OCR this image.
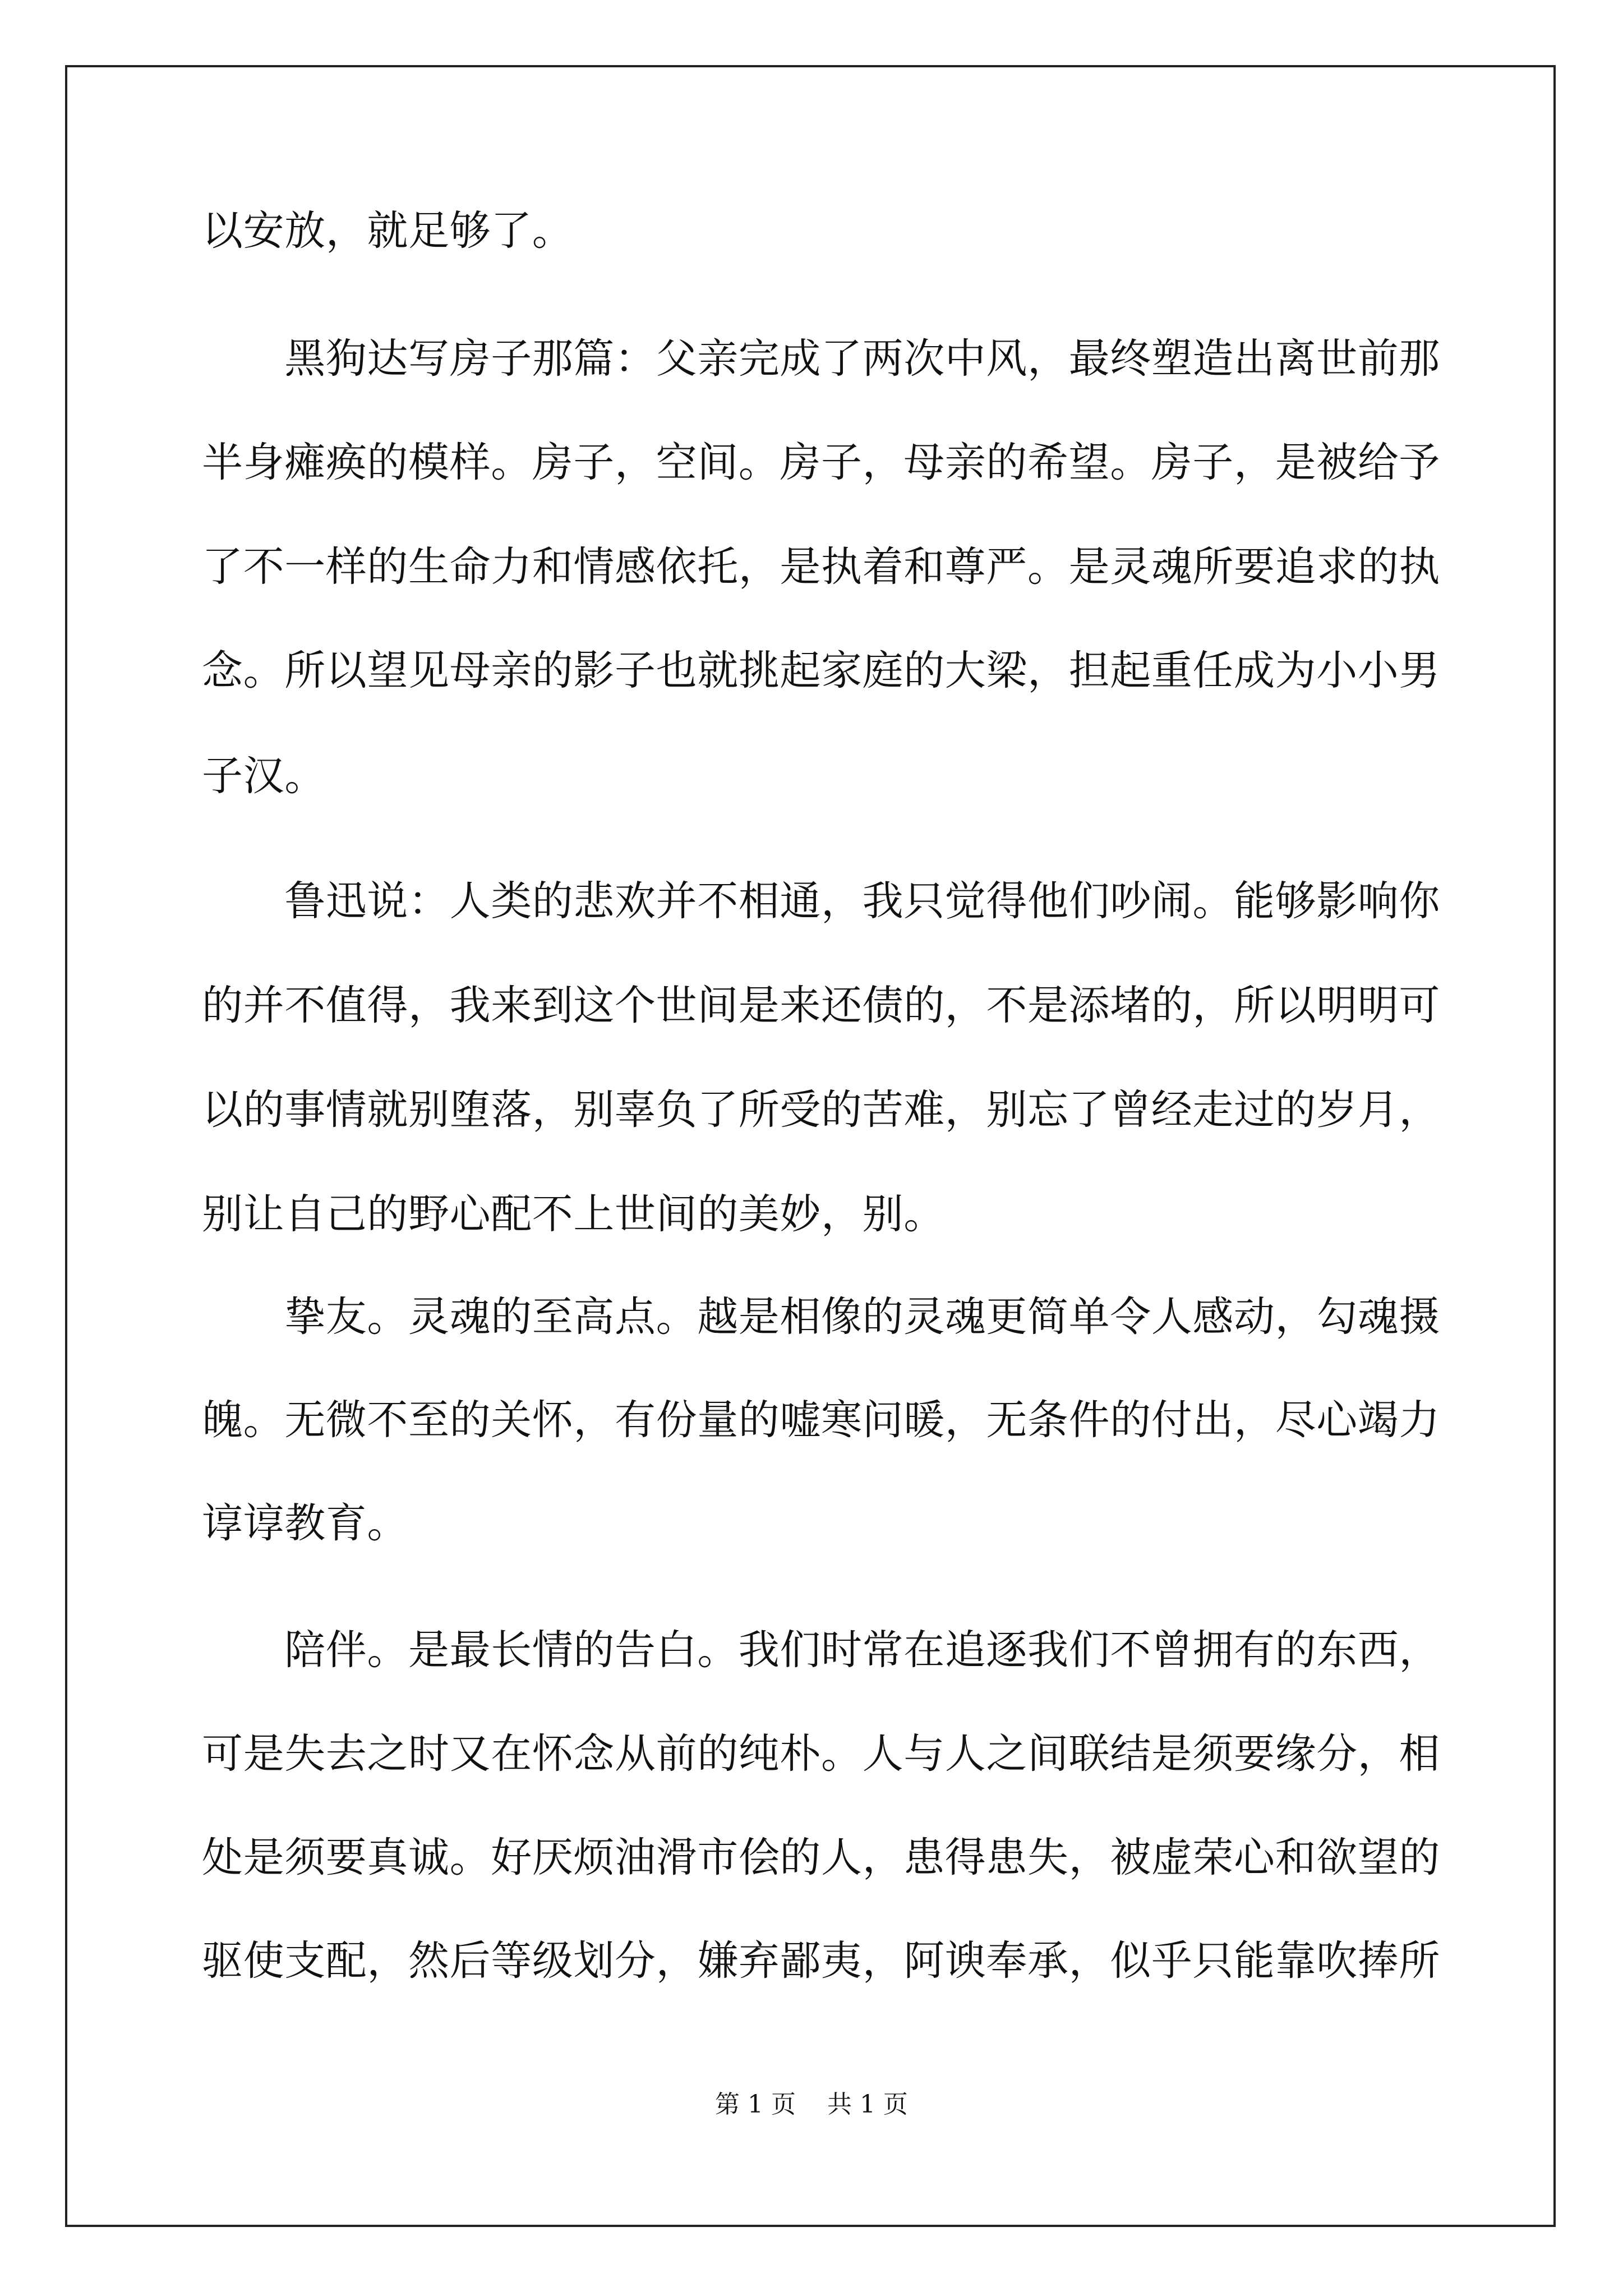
以安放，就足够了。
　　黑狗达写房子那篇：父亲完成了两次中风，最终塑造出离世前那
半身瘫痪的模样。房子，空间。房子，母亲的希望。房子，是被给予
了不一样的生命力和情感依托，是执着和尊严。是灵魂所要追求的执
念。所以望见母亲的影子也就挑起家庭的大梁，担起重任成为小小男
子汉。
　　鲁迅说：人类的悲欢并不相通，我只觉得他们吵闹。能够影响你
的并不值得，我来到这个世间是来还债的，不是添堵的，所以明明可
以的事情就别堕落，别辜负了所受的苦难，别忘了曾经走过的岁月，
别让自己的野心配不上世间的美妙，别。
　　挚友。灵魂的至高点。越是相像的灵魂更简单令人感动，勾魂摄
魄。无微不至的关怀，有份量的嘘寒问暖，无条件的付出，尽心竭力
谆谆教育。
　　陪伴。是最长情的告白。我们时常在追逐我们不曾拥有的东西，
可是失去之时又在怀念从前的纯朴。人与人之间联结是须要缘分，相
处是须要真诚。好厌烦油滑市侩的人，患得患失，被虚荣心和欲望的
驱使支配，然后等级划分，嫌弃鄙夷，阿谀奉承，似乎只能靠吹捧所
第 1 页    共 1 页
